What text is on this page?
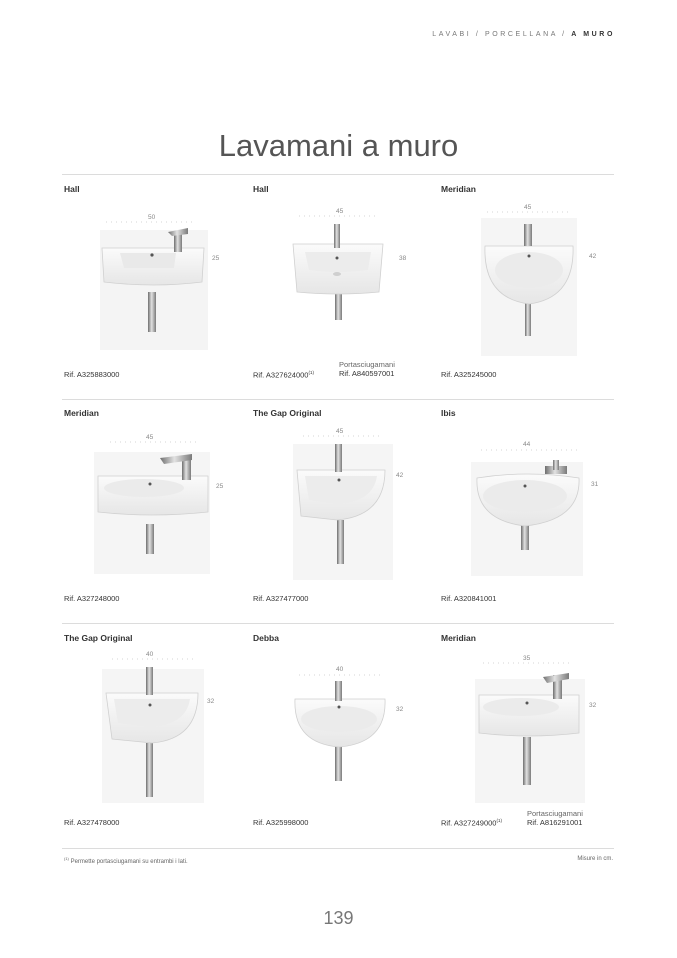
LAVABI / PORCELLANA / A MURO
Lavamani a muro
Hall
50
25
Rif. A325883000
Hall
45
38
Portasciugamani
Rif. A840597001
Rif. A327624000$^{(1)}$
Meridian
45
42
Rif. A325245000
Meridian
45
25
Rif. A327248000
The Gap Original
45
42
Rif. A327477000
Ibis
44
31
Rif. A320841001
The Gap Original
40
32
Rif. A327478000
Debba
40
32
Rif. A325998000
Meridian
35
32
Portasciugamani
Rif. A816291001
Rif. A327249000$^{(1)}$
$^{(1)}$ Permette portasciugamani su entrambi i lati.	Misure in cm.
139
